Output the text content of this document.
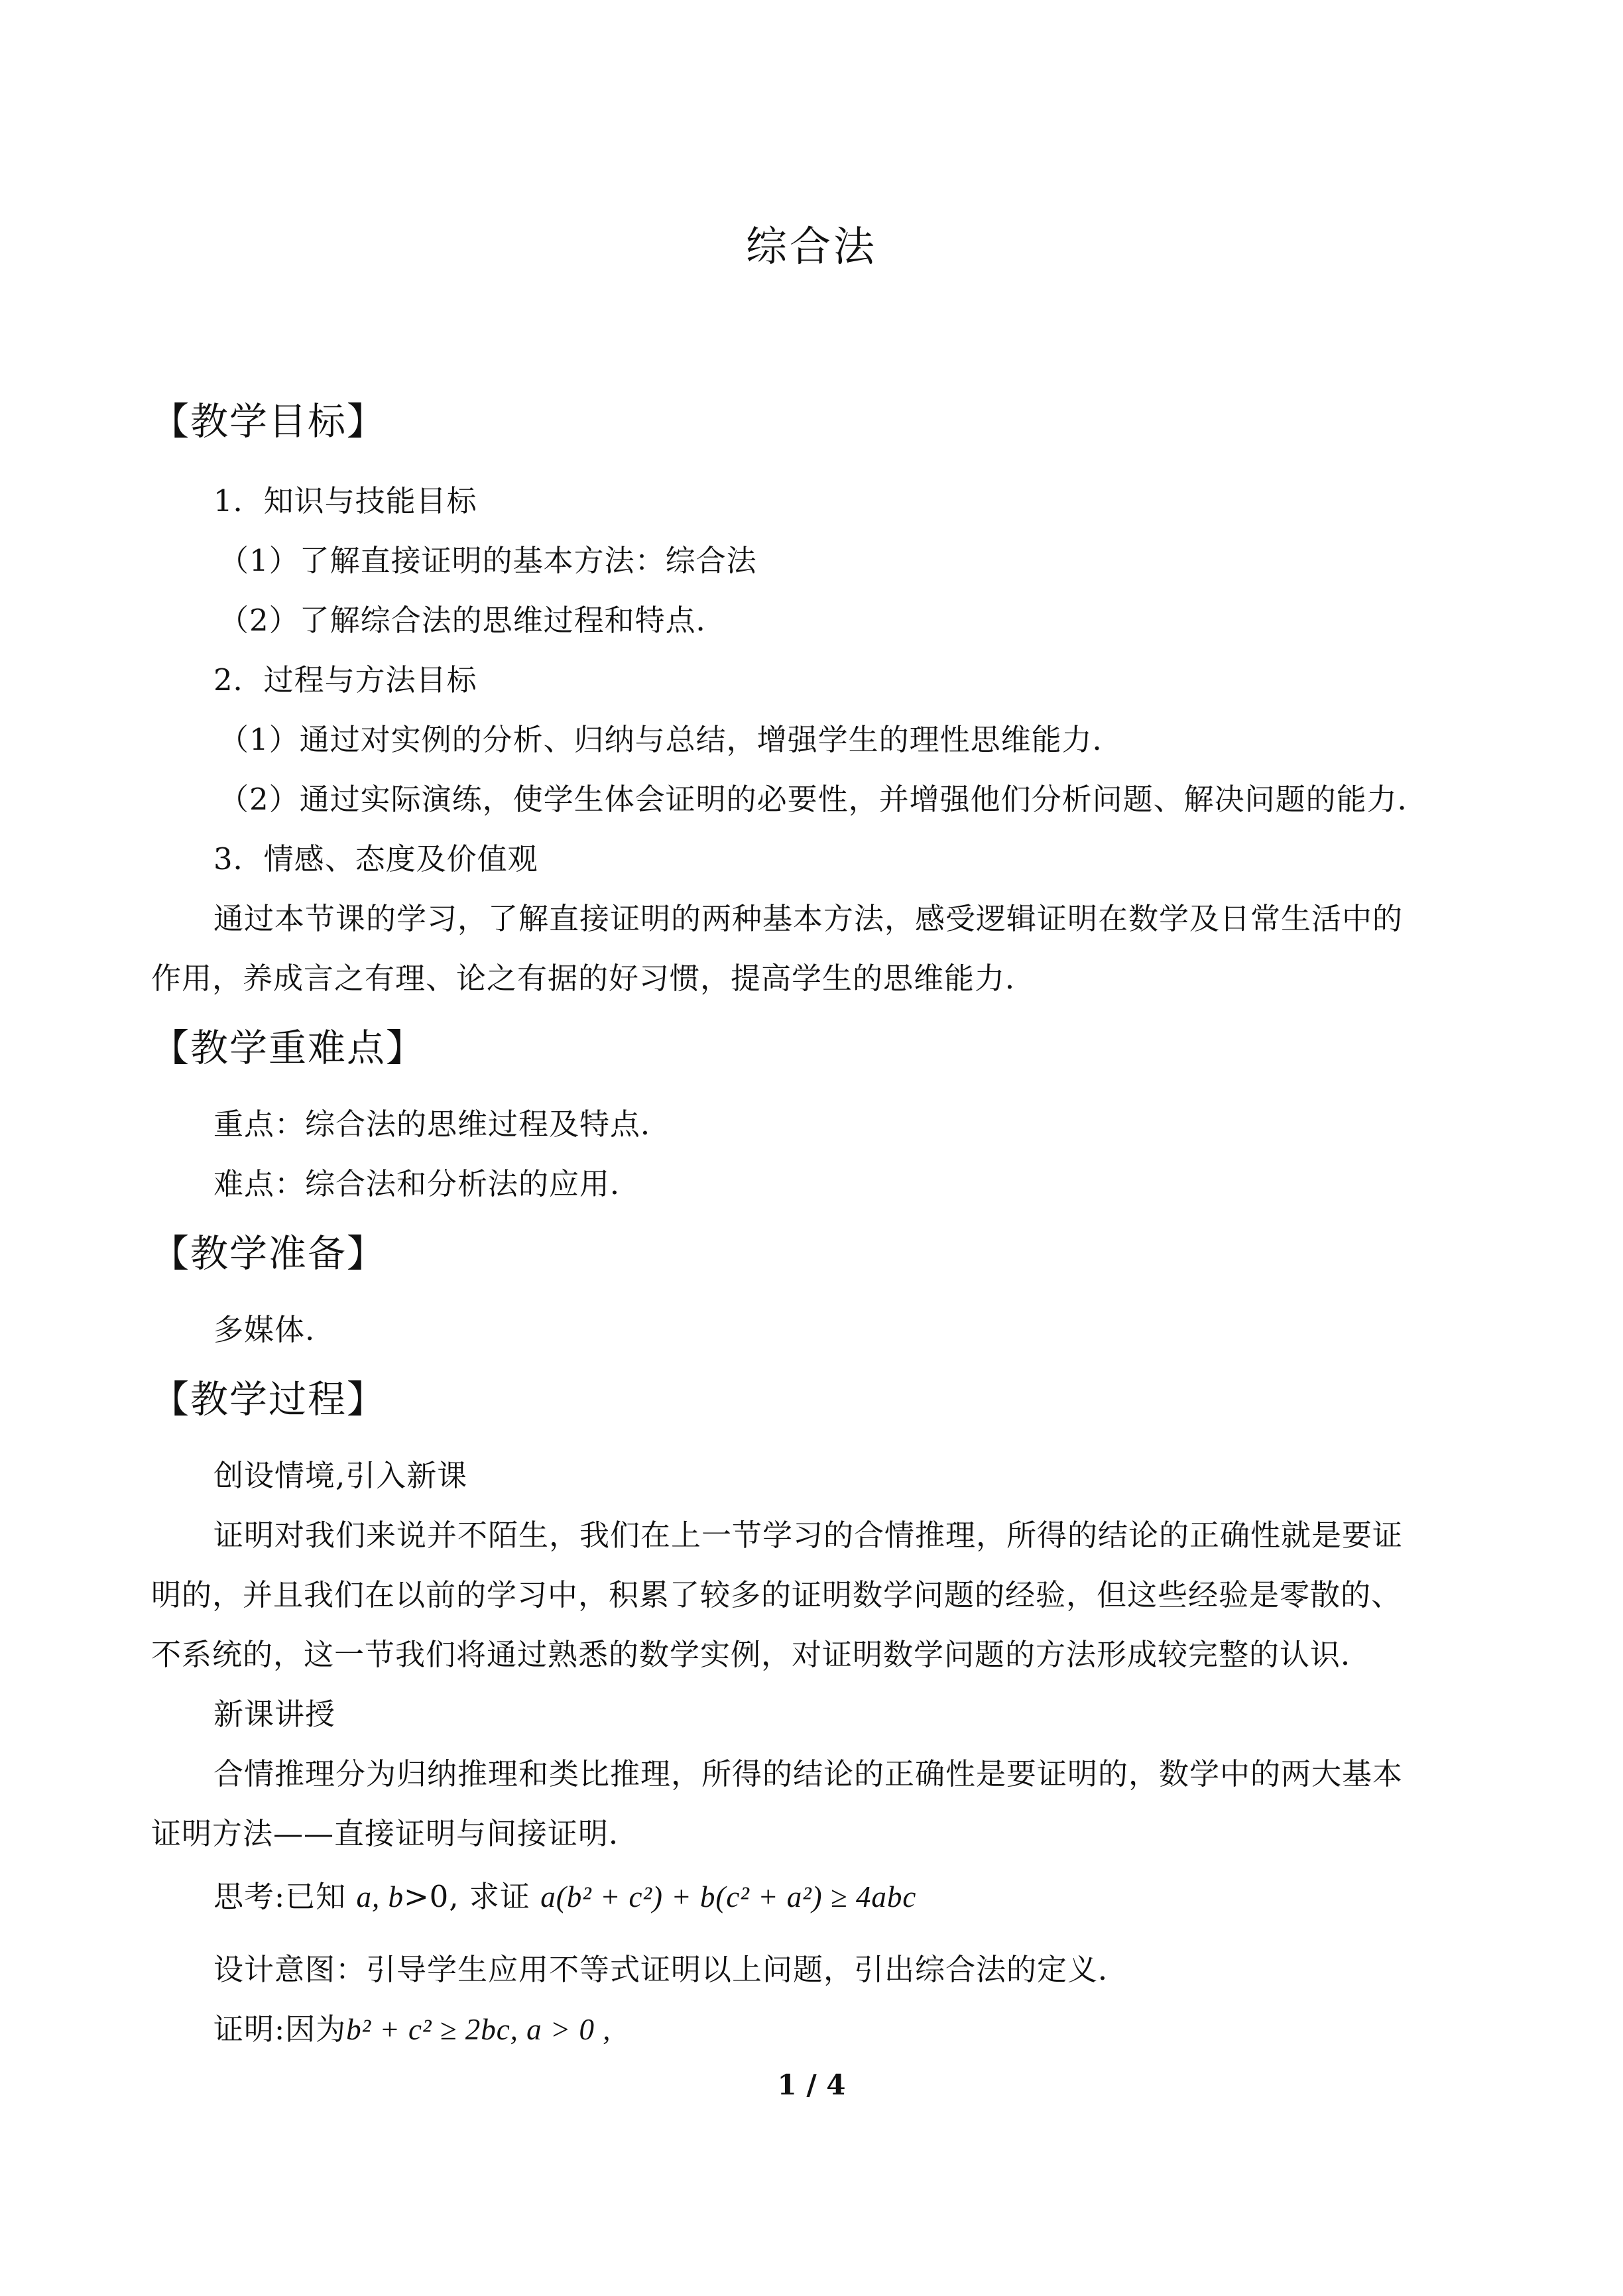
综合法
【教学目标】
1．知识与技能目标
（1）了解直接证明的基本方法：综合法
（2）了解综合法的思维过程和特点．
2．过程与方法目标
（1）通过对实例的分析、归纳与总结，增强学生的理性思维能力．
（2）通过实际演练，使学生体会证明的必要性，并增强他们分析问题、解决问题的能力．
3．情感、态度及价值观
通过本节课的学习，了解直接证明的两种基本方法，感受逻辑证明在数学及日常生活中的
作用，养成言之有理、论之有据的好习惯，提高学生的思维能力．
【教学重难点】
重点：综合法的思维过程及特点．
难点：综合法和分析法的应用．
【教学准备】
多媒体.
【教学过程】
创设情境,引入新课
证明对我们来说并不陌生，我们在上一节学习的合情推理，所得的结论的正确性就是要证
明的，并且我们在以前的学习中，积累了较多的证明数学问题的经验，但这些经验是零散的、
不系统的，这一节我们将通过熟悉的数学实例，对证明数学问题的方法形成较完整的认识．
新课讲授
合情推理分为归纳推理和类比推理，所得的结论的正确性是要证明的，数学中的两大基本
证明方法——直接证明与间接证明．
思考:已知 a, b>0, 求证 a(b² + c²) + b(c² + a²) ≥ 4abc
设计意图：引导学生应用不等式证明以上问题，引出综合法的定义．
证明:因为b² + c² ≥ 2bc, a > 0 ,
1 / 4
